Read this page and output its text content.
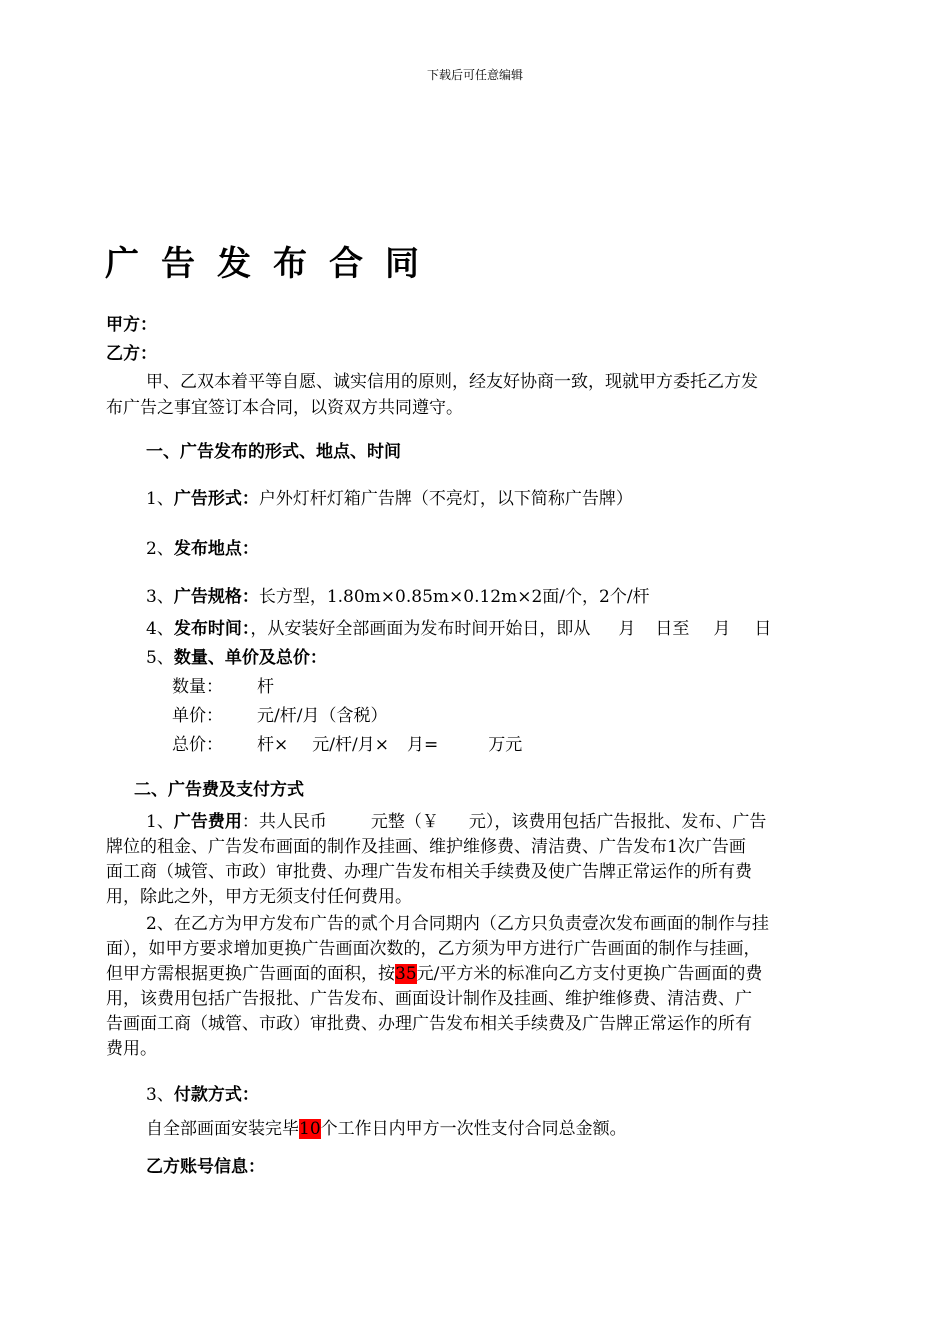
下载后可任意编辑
广告发布合同
甲方：
乙方：
甲、乙双本着平等自愿、诚实信用的原则，经友好协商一致，现就甲方委托乙方发
布广告之事宜签订本合同，以资双方共同遵守。
一、广告发布的形式、地点、时间
1、广告形式：户外灯杆灯箱广告牌（不亮灯，以下简称广告牌）
2、发布地点：
3、广告规格：长方型，1.80m×0.85m×0.12m×2面/个，2个/杆
4、发布时间：，从安装好全部画面为发布时间开始日，即从 月 日至 月 日
5、数量、单价及总价：
数量： 杆
单价： 元/杆/月（含税）
总价： 杆× 元/杆/月× 月=	万元
二、广告费及支付方式
1、广告费用：共人民币	元整（￥ 元），该费用包括广告报批、发布、广告
牌位的租金、广告发布画面的制作及挂画、维护维修费、清洁费、广告发布1次广告画
面工商（城管、市政）审批费、办理广告发布相关手续费及使广告牌正常运作的所有费
用，除此之外，甲方无须支付任何费用。
2、在乙方为甲方发布广告的贰个月合同期内（乙方只负责壹次发布画面的制作与挂
面），如甲方要求增加更换广告画面次数的，乙方须为甲方进行广告画面的制作与挂画，
但甲方需根据更换广告画面的面积，按35元/平方米的标准向乙方支付更换广告画面的费
用，该费用包括广告报批、广告发布、画面设计制作及挂画、维护维修费、清洁费、广
告画面工商（城管、市政）审批费、办理广告发布相关手续费及广告牌正常运作的所有
费用。
3、付款方式：
自全部画面安装完毕10个工作日内甲方一次性支付合同总金额。
乙方账号信息：
